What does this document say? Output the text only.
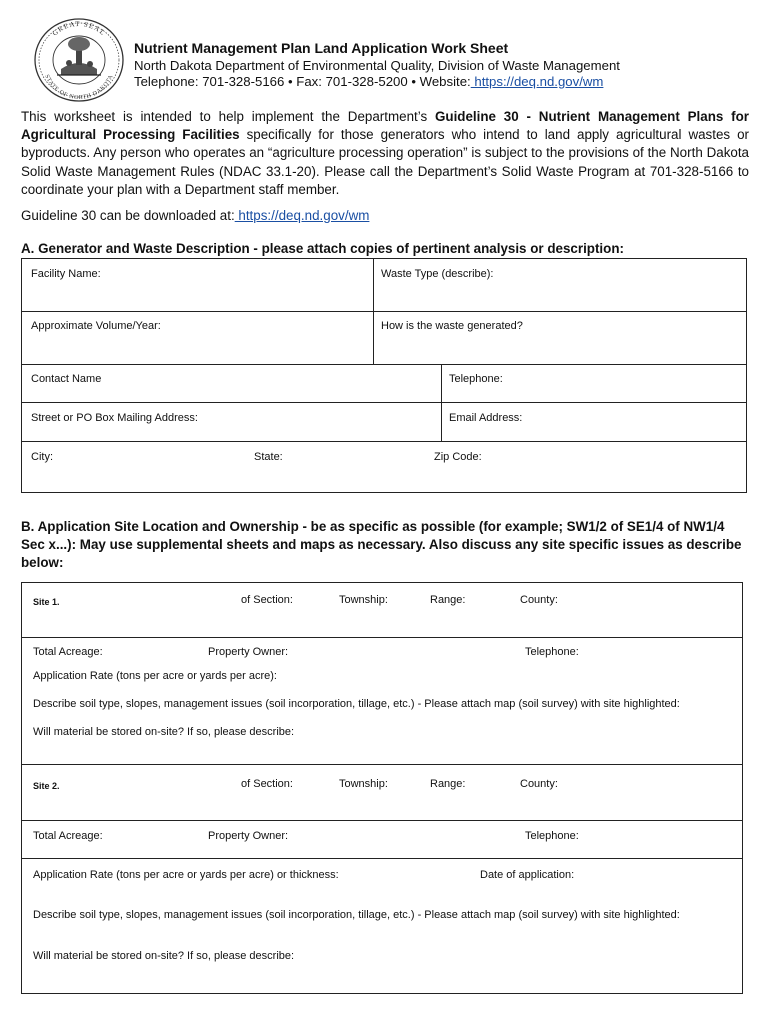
GREAT SEAL
STATE OF NORTH DAKOTA
Nutrient Management Plan Land Application Work Sheet
North Dakota Department of Environmental Quality, Division of Waste Management
Telephone: 701-328-5166 • Fax: 701-328-5200 • Website: https://deq.nd.gov/wm
This worksheet is intended to help implement the Department’s Guideline 30 - Nutrient Management Plans for Agricultural Processing Facilities specifically for those generators who intend to land apply agricultural wastes or byproducts. Any person who operates an “agriculture processing operation” is subject to the provisions of the North Dakota Solid Waste Management Rules (NDAC 33.1-20). Please call the Department’s Solid Waste Program at 701-328-5166 to coordinate your plan with a Department staff member.
Guideline 30 can be downloaded at: https://deq.nd.gov/wm
A. Generator and Waste Description - please attach copies of pertinent analysis or description:
Facility Name:	Waste Type (describe):
Approximate Volume/Year:	How is the waste generated?
Contact Name	Telephone:
Street or PO Box Mailing Address:	Email Address:
City:	State:	Zip Code:
B. Application Site Location and Ownership - be as specific as possible (for example; SW1/2 of SE1/4 of NW1/4 Sec x...): May use supplemental sheets and maps as necessary. Also discuss any site specific issues as describe below:
Site 1.	of Section:	Township:	Range:	County:
Total Acreage:	Property Owner:	Telephone:
Application Rate (tons per acre or yards per acre):
Describe soil type, slopes, management issues (soil incorporation, tillage, etc.) - Please attach map (soil survey) with site highlighted:
Will material be stored on-site? If so, please describe:
Site 2.	of Section:	Township:	Range:	County:
Total Acreage:	Property Owner:	Telephone:
Application Rate (tons per acre or yards per acre) or thickness:	Date of application:
Describe soil type, slopes, management issues (soil incorporation, tillage, etc.) - Please attach map (soil survey) with site highlighted:
Will material be stored on-site? If so, please describe:
